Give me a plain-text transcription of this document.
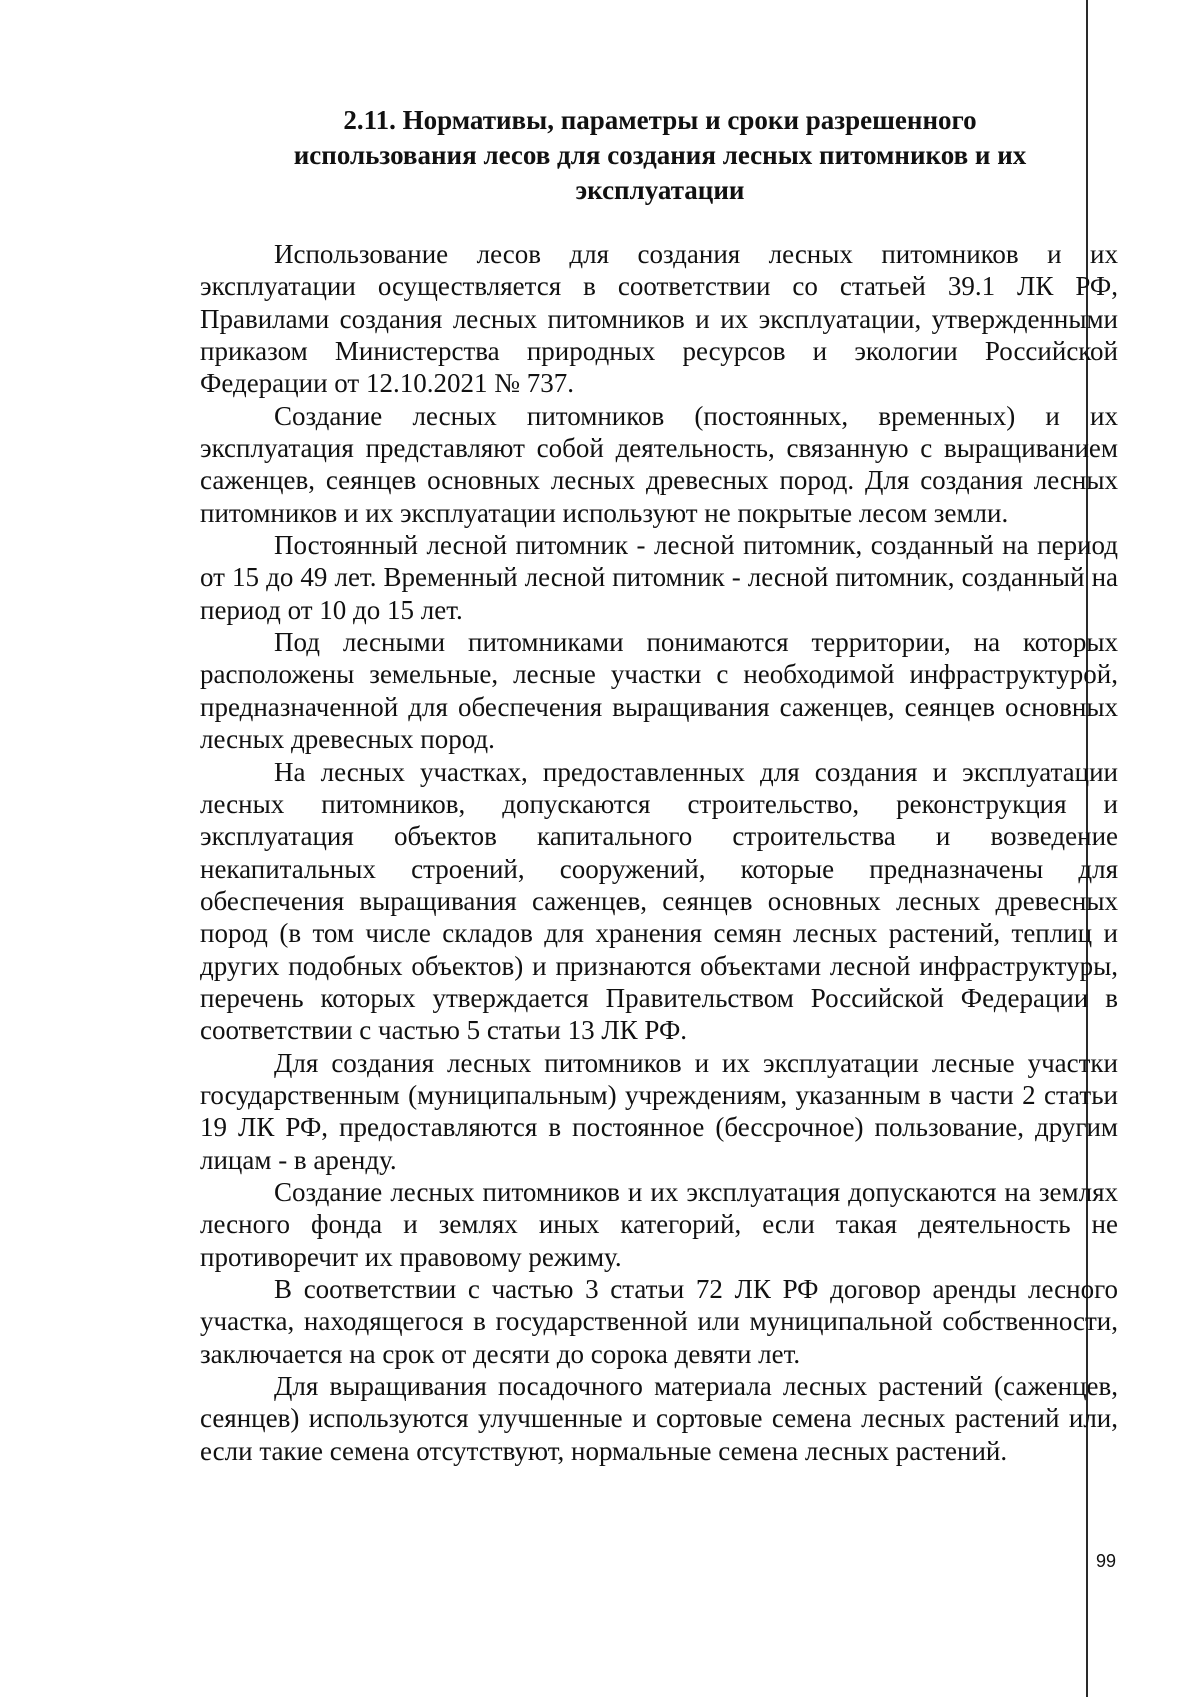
2.11. Нормативы, параметры и сроки разрешенного
использования лесов для создания лесных питомников и их
эксплуатации

Использование лесов для создания лесных питомников и их эксплуатации осуществляется в соответствии со статьей 39.1 ЛК РФ, Правилами создания лесных питомников и их эксплуатации, утвержденными приказом Министерства природных ресурсов и экологии Российской Федерации от 12.10.2021 № 737.

Создание лесных питомников (постоянных, временных) и их эксплуатация представляют собой деятельность, связанную с выращиванием саженцев, сеянцев основных лесных древесных пород. Для создания лесных питомников и их эксплуатации используют не покрытые лесом земли.

Постоянный лесной питомник - лесной питомник, созданный на период от 15 до 49 лет. Временный лесной питомник - лесной питомник, созданный на период от 10 до 15 лет.

Под лесными питомниками понимаются территории, на которых расположены земельные, лесные участки с необходимой инфраструктурой, предназначенной для обеспечения выращивания саженцев, сеянцев основных лесных древесных пород.

На лесных участках, предоставленных для создания и эксплуатации лесных питомников, допускаются строительство, реконструкция и эксплуатация объектов капитального строительства и возведение некапитальных строений, сооружений, которые предназначены для обеспечения выращивания саженцев, сеянцев основных лесных древесных пород (в том числе складов для хранения семян лесных растений, теплиц и других подобных объектов) и признаются объектами лесной инфраструктуры, перечень которых утверждается Правительством Российской Федерации в соответствии с частью 5 статьи 13 ЛК РФ.

Для создания лесных питомников и их эксплуатации лесные участки государственным (муниципальным) учреждениям, указанным в части 2 статьи 19 ЛК РФ, предоставляются в постоянное (бессрочное) пользование, другим лицам - в аренду.

Создание лесных питомников и их эксплуатация допускаются на землях лесного фонда и землях иных категорий, если такая деятельность не противоречит их правовому режиму.

В соответствии с частью 3 статьи 72 ЛК РФ договор аренды лесного участка, находящегося в государственной или муниципальной собственности, заключается на срок от десяти до сорока девяти лет.

Для выращивания посадочного материала лесных растений (саженцев, сеянцев) используются улучшенные и сортовые семена лесных растений или, если такие семена отсутствуют, нормальные семена лесных растений.

99
